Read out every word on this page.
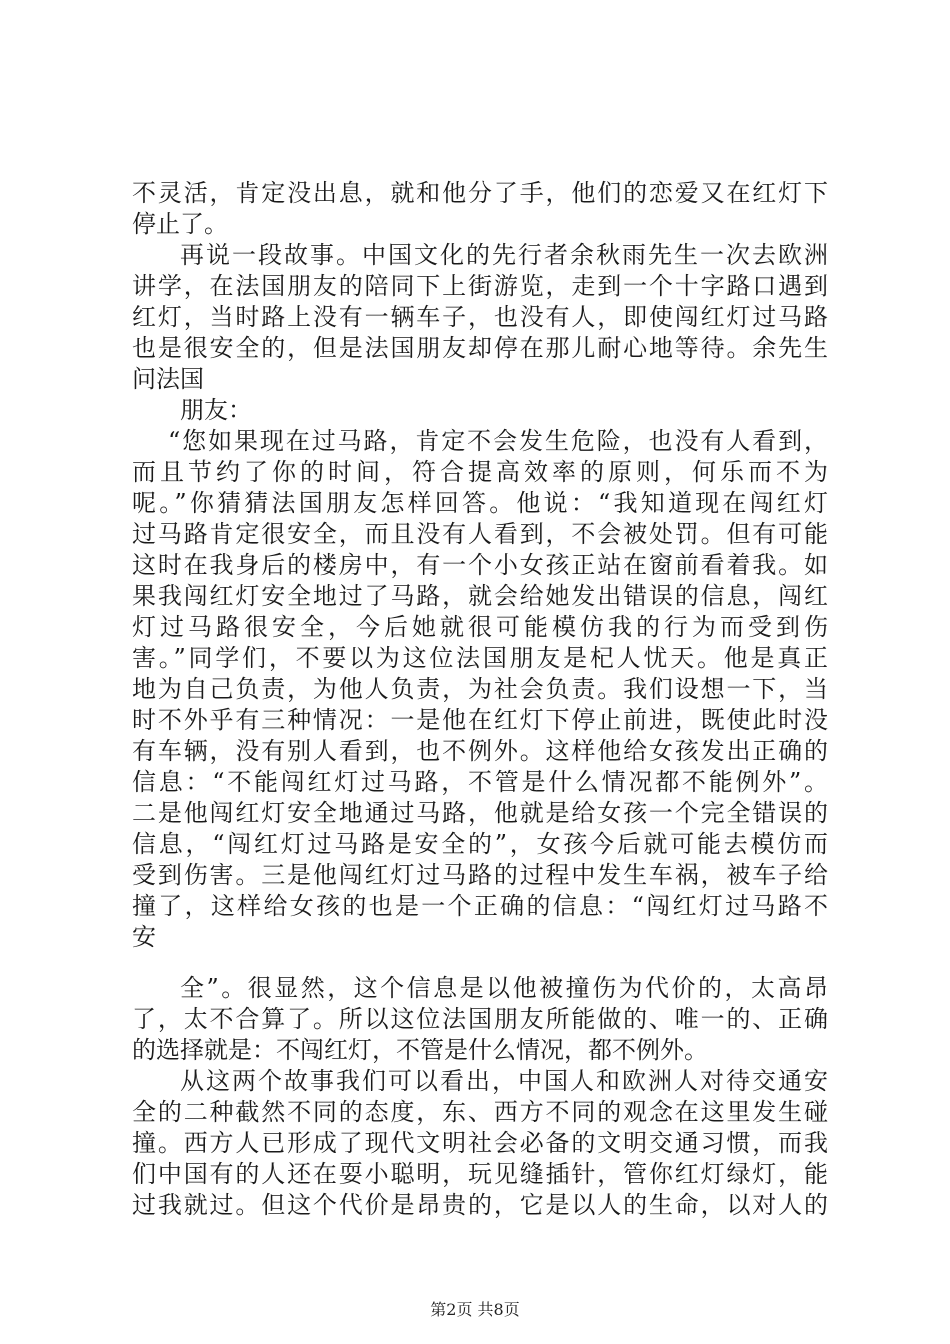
不灵活，肯定没出息，就和他分了手，他们的恋爱又在红灯下
停止了。
再说一段故事。中国文化的先行者余秋雨先生一次去欧洲
讲学，在法国朋友的陪同下上街游览，走到一个十字路口遇到
红灯，当时路上没有一辆车子，也没有人，即使闯红灯过马路
也是很安全的，但是法国朋友却停在那儿耐心地等待。余先生
问法国
朋友：
“您如果现在过马路，肯定不会发生危险，也没有人看到，
而且节约了你的时间，符合提高效率的原则，何乐而不为
呢。”你猜猜法国朋友怎样回答。他说：“我知道现在闯红灯
过马路肯定很安全，而且没有人看到，不会被处罚。但有可能
这时在我身后的楼房中，有一个小女孩正站在窗前看着我。如
果我闯红灯安全地过了马路，就会给她发出错误的信息，闯红
灯过马路很安全，今后她就很可能模仿我的行为而受到伤
害。”同学们，不要以为这位法国朋友是杞人忧天。他是真正
地为自己负责，为他人负责，为社会负责。我们设想一下，当
时不外乎有三种情况：一是他在红灯下停止前进，既使此时没
有车辆，没有别人看到，也不例外。这样他给女孩发出正确的
信息：“不能闯红灯过马路，不管是什么情况都不能例外”。
二是他闯红灯安全地通过马路，他就是给女孩一个完全错误的
信息，“闯红灯过马路是安全的”，女孩今后就可能去模仿而
受到伤害。三是他闯红灯过马路的过程中发生车祸，被车子给
撞了，这样给女孩的也是一个正确的信息：“闯红灯过马路不
安
全”。很显然，这个信息是以他被撞伤为代价的，太高昂
了，太不合算了。所以这位法国朋友所能做的、唯一的、正确
的选择就是：不闯红灯，不管是什么情况，都不例外。
从这两个故事我们可以看出，中国人和欧洲人对待交通安
全的二种截然不同的态度，东、西方不同的观念在这里发生碰
撞。西方人已形成了现代文明社会必备的文明交通习惯，而我
们中国有的人还在耍小聪明，玩见缝插针，管你红灯绿灯，能
过我就过。但这个代价是昂贵的，它是以人的生命，以对人的
第2页 共8页
